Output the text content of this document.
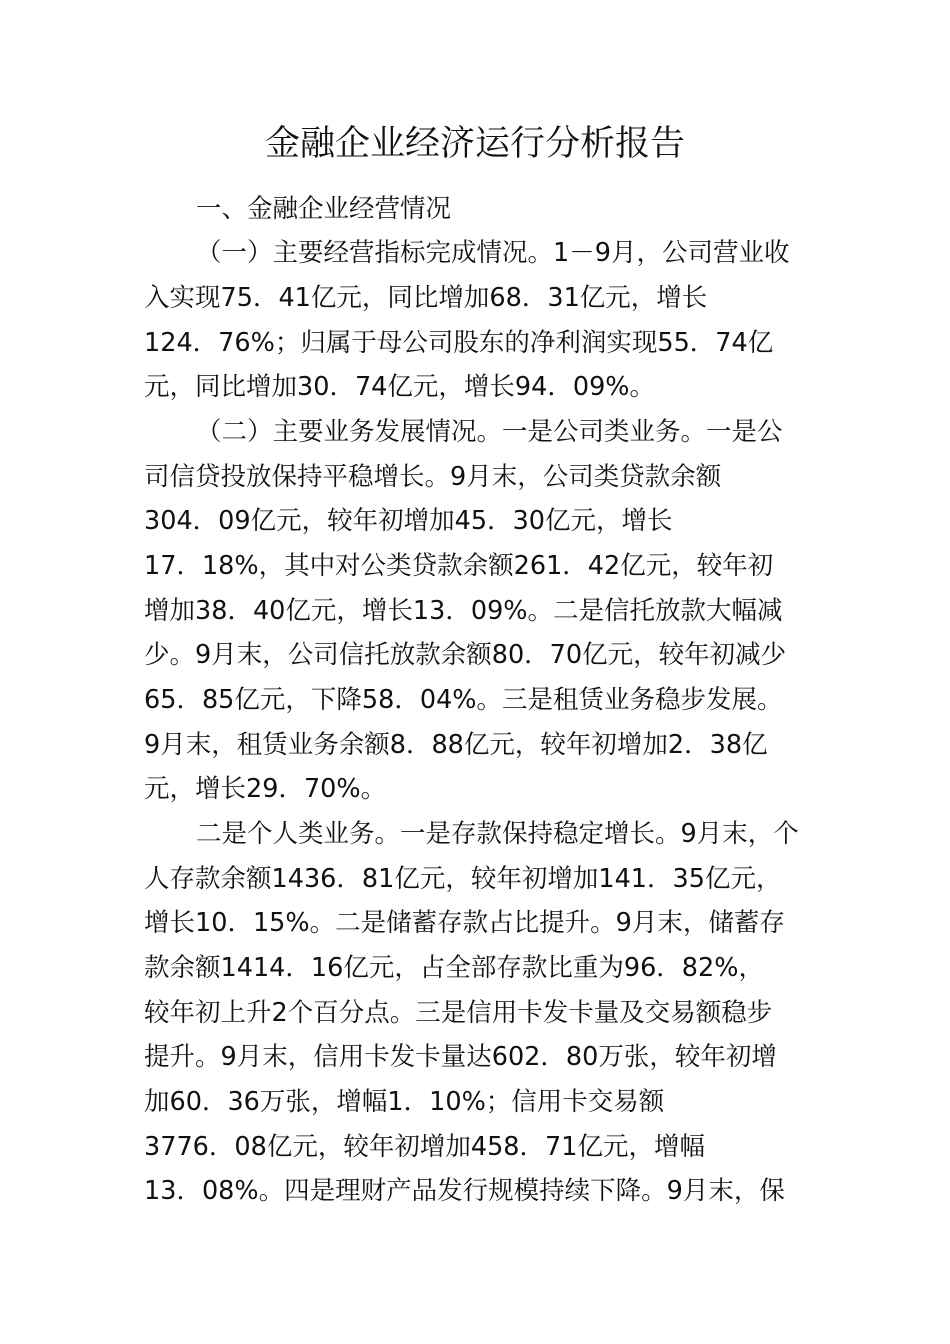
金融企业经济运行分析报告

一、金融企业经营情况

（一）主要经营指标完成情况。1－9月，公司营业收

入实现75．41亿元，同比增加68．31亿元，增长

124．76%；归属于母公司股东的净利润实现55．74亿

元，同比增加30．74亿元，增长94．09%。

（二）主要业务发展情况。一是公司类业务。一是公

司信贷投放保持平稳增长。9月末，公司类贷款余额

304．09亿元，较年初增加45．30亿元，增长

17．18%，其中对公类贷款余额261．42亿元，较年初

增加38．40亿元，增长13．09%。二是信托放款大幅减

少。9月末，公司信托放款余额80．70亿元，较年初减少

65．85亿元，下降58．04%。三是租赁业务稳步发展。

9月末，租赁业务余额8．88亿元，较年初增加2．38亿

元，增长29．70%。

二是个人类业务。一是存款保持稳定增长。9月末，个

人存款余额1436．81亿元，较年初增加141．35亿元，

增长10．15%。二是储蓄存款占比提升。9月末，储蓄存

款余额1414．16亿元，占全部存款比重为96．82%，

较年初上升2个百分点。三是信用卡发卡量及交易额稳步

提升。9月末，信用卡发卡量达602．80万张，较年初增

加60．36万张，增幅1．10%；信用卡交易额

3776．08亿元，较年初增加458．71亿元，增幅

13．08%。四是理财产品发行规模持续下降。9月末，保
